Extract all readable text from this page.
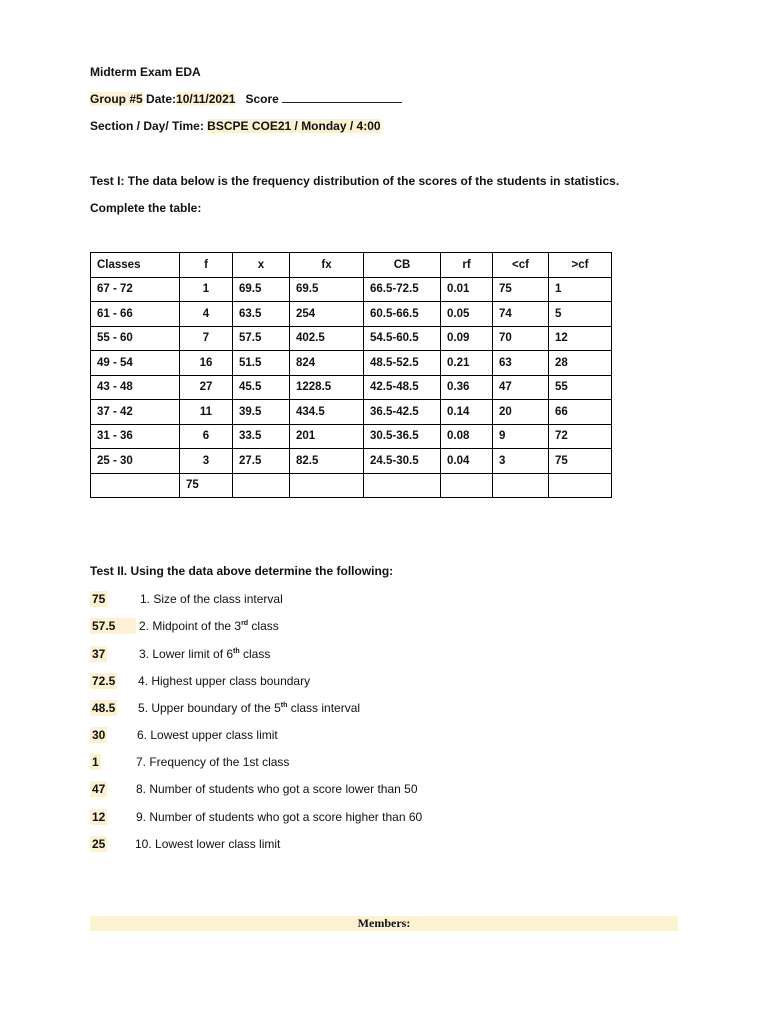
Midterm Exam EDA
Group #5 Date:10/11/2021 Score
Section / Day/ Time: BSCPE COE21 / Monday / 4:00
Test I: The data below is the frequency distribution of the scores of the students in statistics.
Complete the table:
Classes	f	x	fx	CB	rf	<cf	>cf
67 - 72	1	69.5	69.5	66.5-72.5	0.01	75	1
61 - 66	4	63.5	254	60.5-66.5	0.05	74	5
55 - 60	7	57.5	402.5	54.5-60.5	0.09	70	12
49 - 54	16	51.5	824	48.5-52.5	0.21	63	28
43 - 48	27	45.5	1228.5	42.5-48.5	0.36	47	55
37 - 42	11	39.5	434.5	36.5-42.5	0.14	20	66
31 - 36	6	33.5	201	30.5-36.5	0.08	9	72
25 - 30	3	27.5	82.5	24.5-30.5	0.04	3	75
	75						
Test II. Using the data above determine the following:
75	1. Size of the class interval
57.5 2. Midpoint of the 3rd class
37	3. Lower limit of 6th class
72.5 4. Highest upper class boundary
48.5 5. Upper boundary of the 5th class interval
30	6. Lowest upper class limit
1	7. Frequency of the 1st class
47	8. Number of students who got a score lower than 50
12	9. Number of students who got a score higher than 60
25 10. Lowest lower class limit
Members:
